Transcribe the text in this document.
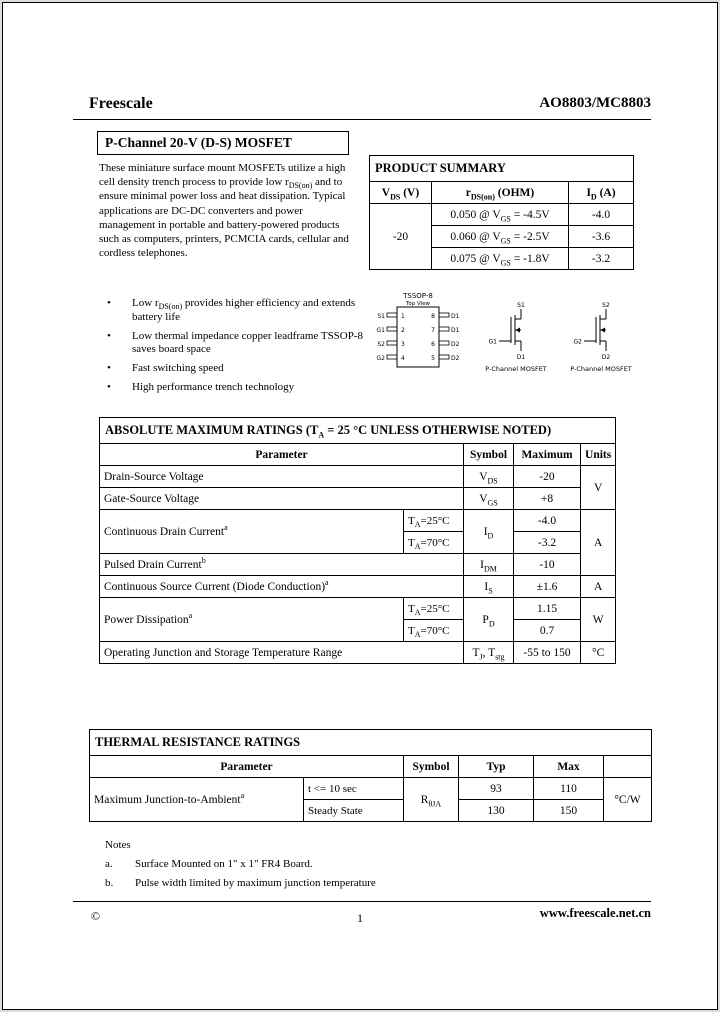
Freescale	AO8803/MC8803
P-Channel 20-V (D-S) MOSFET
These miniature surface mount MOSFETs utilize a high cell density trench process to provide low $r_{DS(on)}$ and to ensure minimal power loss and heat dissipation. Typical applications are DC-DC converters and power management in portable and battery-powered products such as computers, printers, PCMCIA cards, cellular and cordless telephones.
PRODUCT SUMMARY		
$V_{DS}$ (V)	$r_{DS(on)}$ (OHM)	$I_D$ (A)
-20	0.050 @ $V_{GS} = -4.5V$	-4.0
	0.060 @ $V_{GS} = -2.5V$	-3.6
	0.075 @ $V_{GS} = -1.8V$	-3.2
•
Low $r_{DS(on)}$ provides higher efficiency and extends battery life
•
Low thermal impedance copper leadframe TSSOP-8 saves board space
•
Fast switching speed
•
High performance trench technology
TSSOP-8
Top View
1
2
3
4
8
7
6
5
S1
G1
S2
G2
D1
D1
D2
D2
S1
G1
D1
P-Channel MOSFET
S2
G2
D2
P-Channel MOSFET
ABSOLUTE MAXIMUM RATINGS ($T_A = 25$ °C UNLESS OTHERWISE NOTED)				
Parameter		Symbol	Maximum	Units
Drain-Source Voltage		$V_{DS}$	-20	V
Gate-Source Voltage		$V_{GS}$	+8	
Continuous Drain Current$^a$	$T_A=25^\circ C$	$I_D$	-4.0	A
	$T_A=70^\circ C$		-3.2	
Pulsed Drain Current$^b$		$I_{DM}$	-10	
Continuous Source Current (Diode Conduction)$^a$		$I_S$	±1.6	A
Power Dissipation$^a$	$T_A=25^\circ C$	$P_D$	1.15	W
	$T_A=70^\circ C$		0.7	
Operating Junction and Storage Temperature Range		$T_J$, $T_{stg}$	-55 to 150	°C
THERMAL RESISTANCE RATINGS					
Parameter		Symbol	Typ	Max	
Maximum Junction-to-Ambient$^a$	t <= 10 sec	$R_{\theta JA}$	93	110	°C/W
	Steady State		130	150	
Notes
a.	Surface Mounted on 1" x 1" FR4 Board.
b.	Pulse width limited by maximum junction temperature
©	1	www.freescale.net.cn
